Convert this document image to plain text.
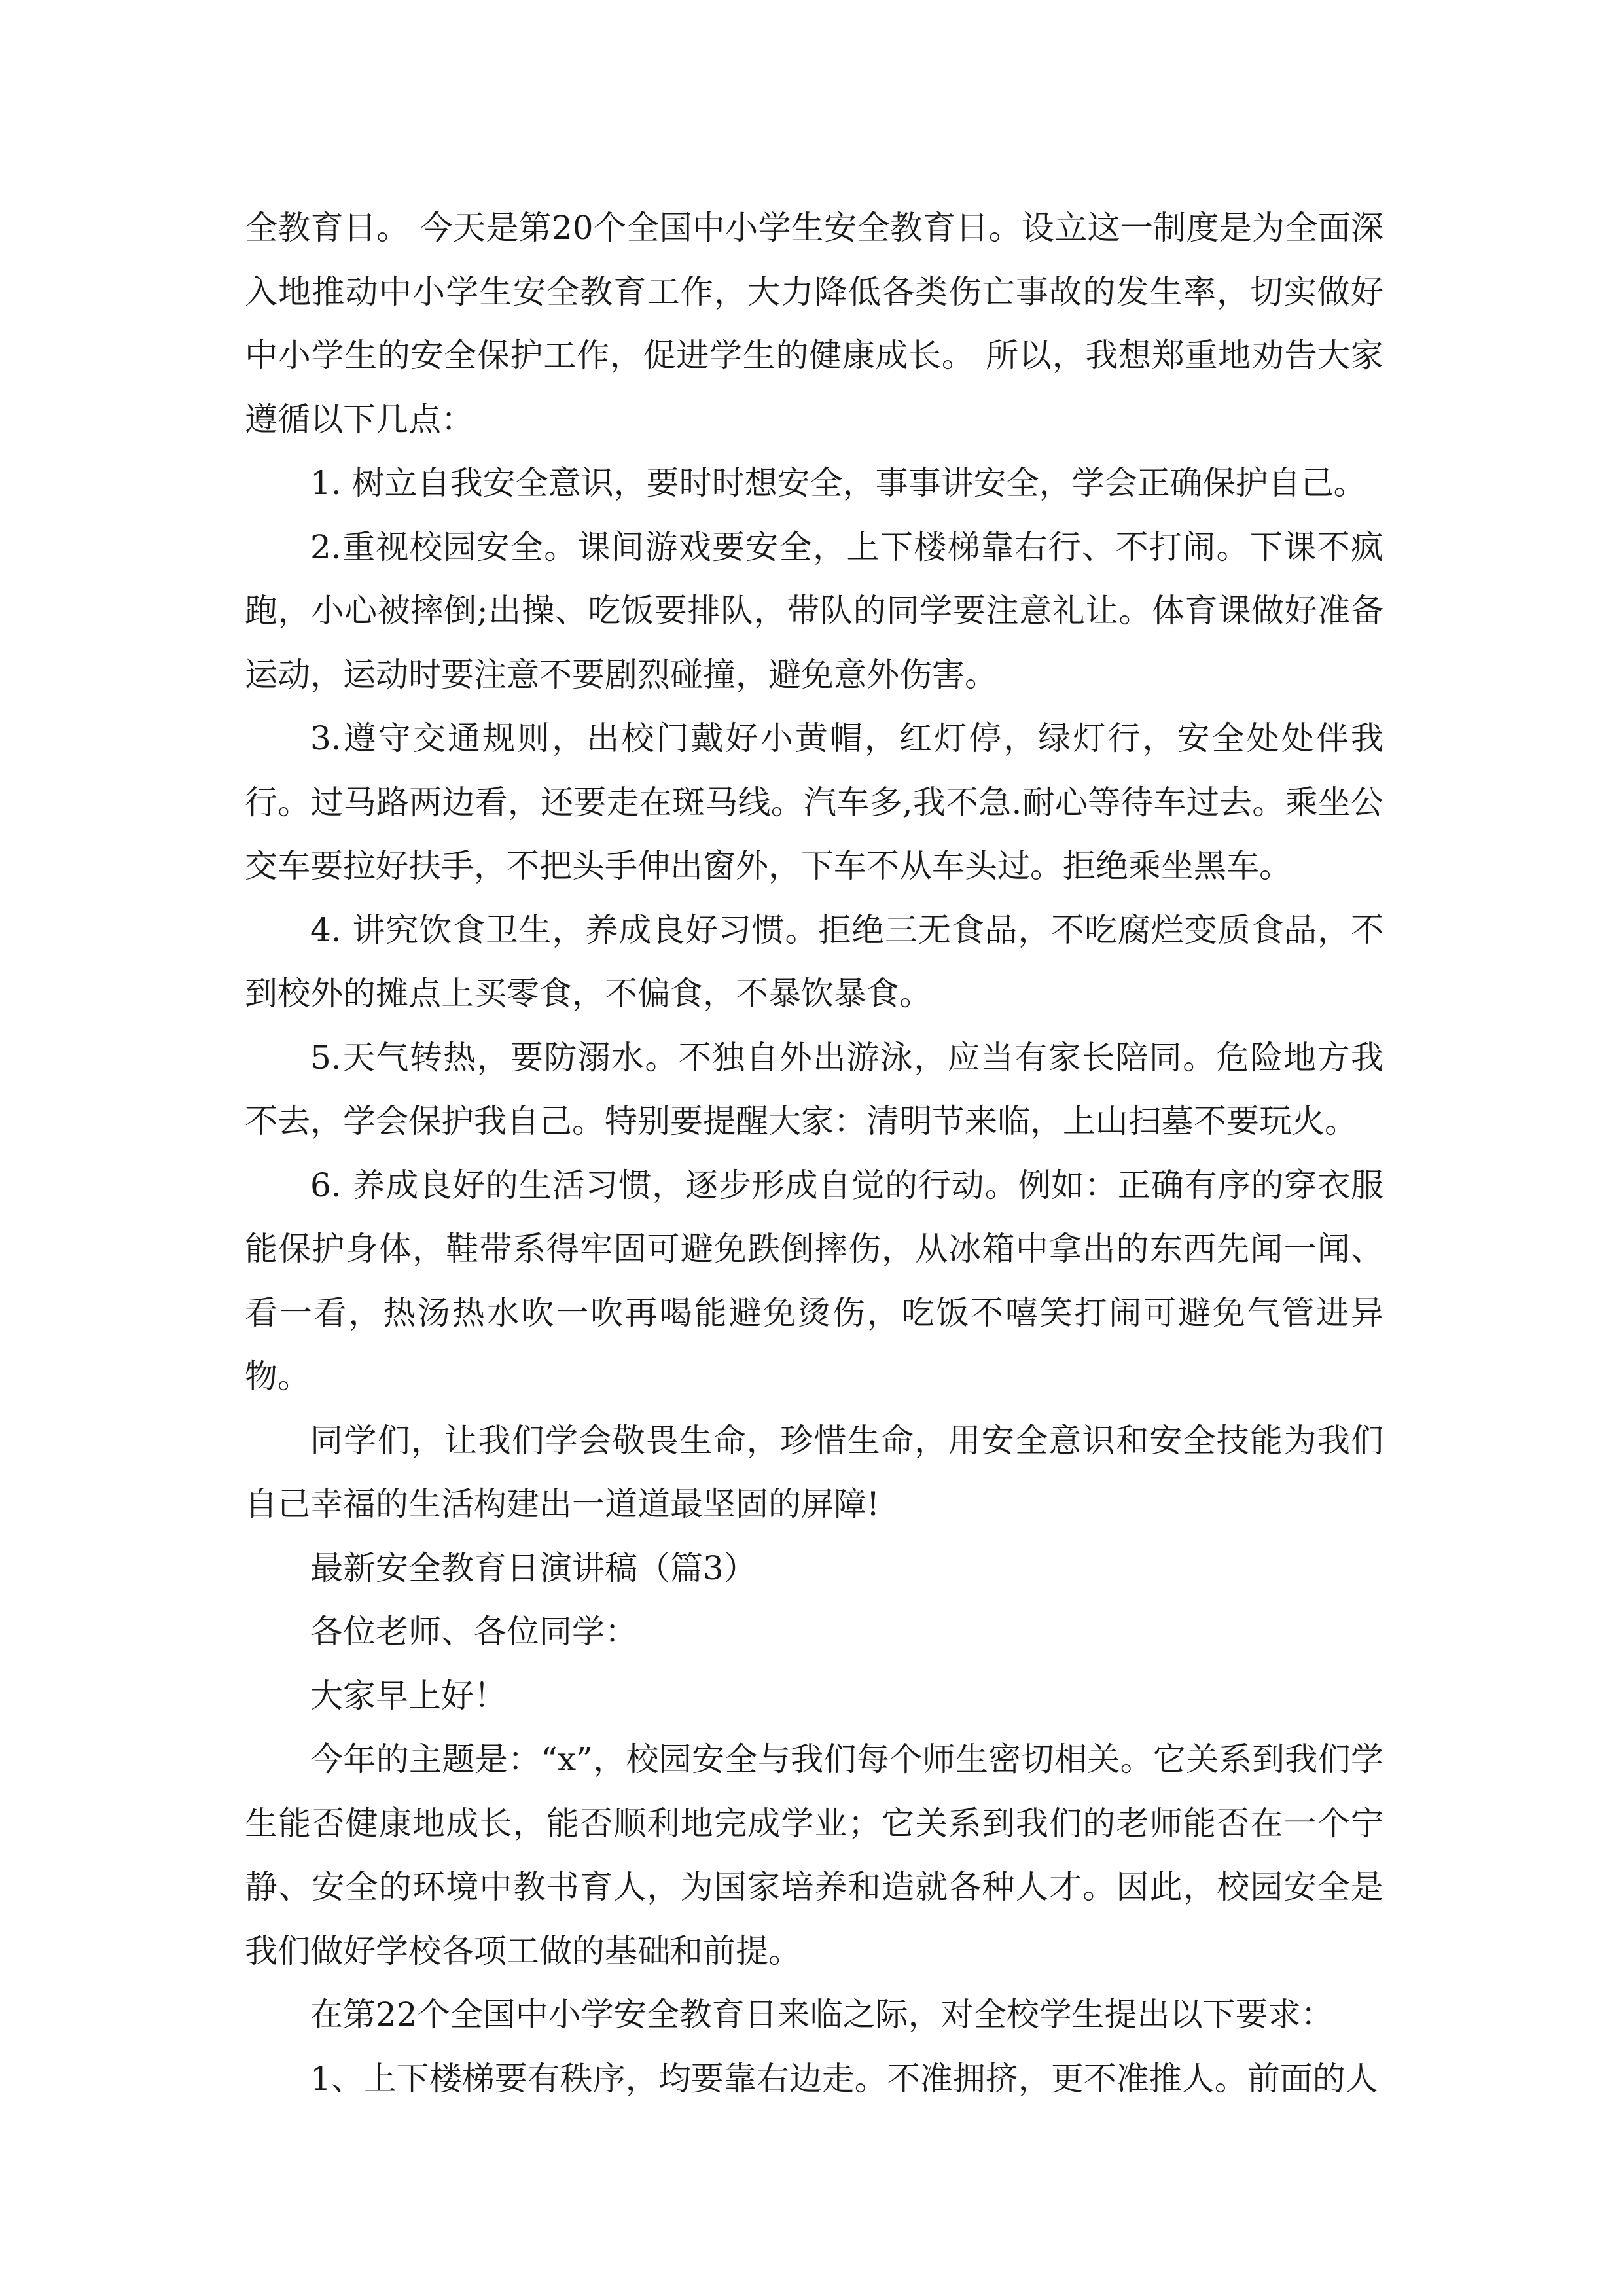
全教育日。 今天是第20个全国中小学生安全教育日。设立这一制度是为全面深入地推动中小学生安全教育工作，大力降低各类伤亡事故的发生率，切实做好中小学生的安全保护工作，促进学生的健康成长。 所以，我想郑重地劝告大家遵循以下几点：

1. 树立自我安全意识，要时时想安全，事事讲安全，学会正确保护自己。

2.重视校园安全。课间游戏要安全，上下楼梯靠右行、不打闹。下课不疯跑，小心被摔倒;出操、吃饭要排队，带队的同学要注意礼让。体育课做好准备运动，运动时要注意不要剧烈碰撞，避免意外伤害。

3.遵守交通规则，出校门戴好小黄帽，红灯停，绿灯行，安全处处伴我行。过马路两边看，还要走在斑马线。汽车多,我不急.耐心等待车过去。乘坐公交车要拉好扶手，不把头手伸出窗外，下车不从车头过。拒绝乘坐黑车。

4. 讲究饮食卫生，养成良好习惯。拒绝三无食品，不吃腐烂变质食品，不到校外的摊点上买零食，不偏食，不暴饮暴食。

5.天气转热，要防溺水。不独自外出游泳，应当有家长陪同。危险地方我不去，学会保护我自己。特别要提醒大家：清明节来临，上山扫墓不要玩火。

6. 养成良好的生活习惯，逐步形成自觉的行动。例如：正确有序的穿衣服能保护身体，鞋带系得牢固可避免跌倒摔伤，从冰箱中拿出的东西先闻一闻、看一看，热汤热水吹一吹再喝能避免烫伤，吃饭不嘻笑打闹可避免气管进异物。

同学们，让我们学会敬畏生命，珍惜生命，用安全意识和安全技能为我们自己幸福的生活构建出一道道最坚固的屏障!

最新安全教育日演讲稿（篇3）

各位老师、各位同学：

大家早上好！

今年的主题是：“x”，校园安全与我们每个师生密切相关。它关系到我们学生能否健康地成长，能否顺利地完成学业；它关系到我们的老师能否在一个宁静、安全的环境中教书育人，为国家培养和造就各种人才。因此，校园安全是我们做好学校各项工做的基础和前提。

在第22个全国中小学安全教育日来临之际，对全校学生提出以下要求：

1、上下楼梯要有秩序，均要靠右边走。不准拥挤，更不准推人。前面的人
